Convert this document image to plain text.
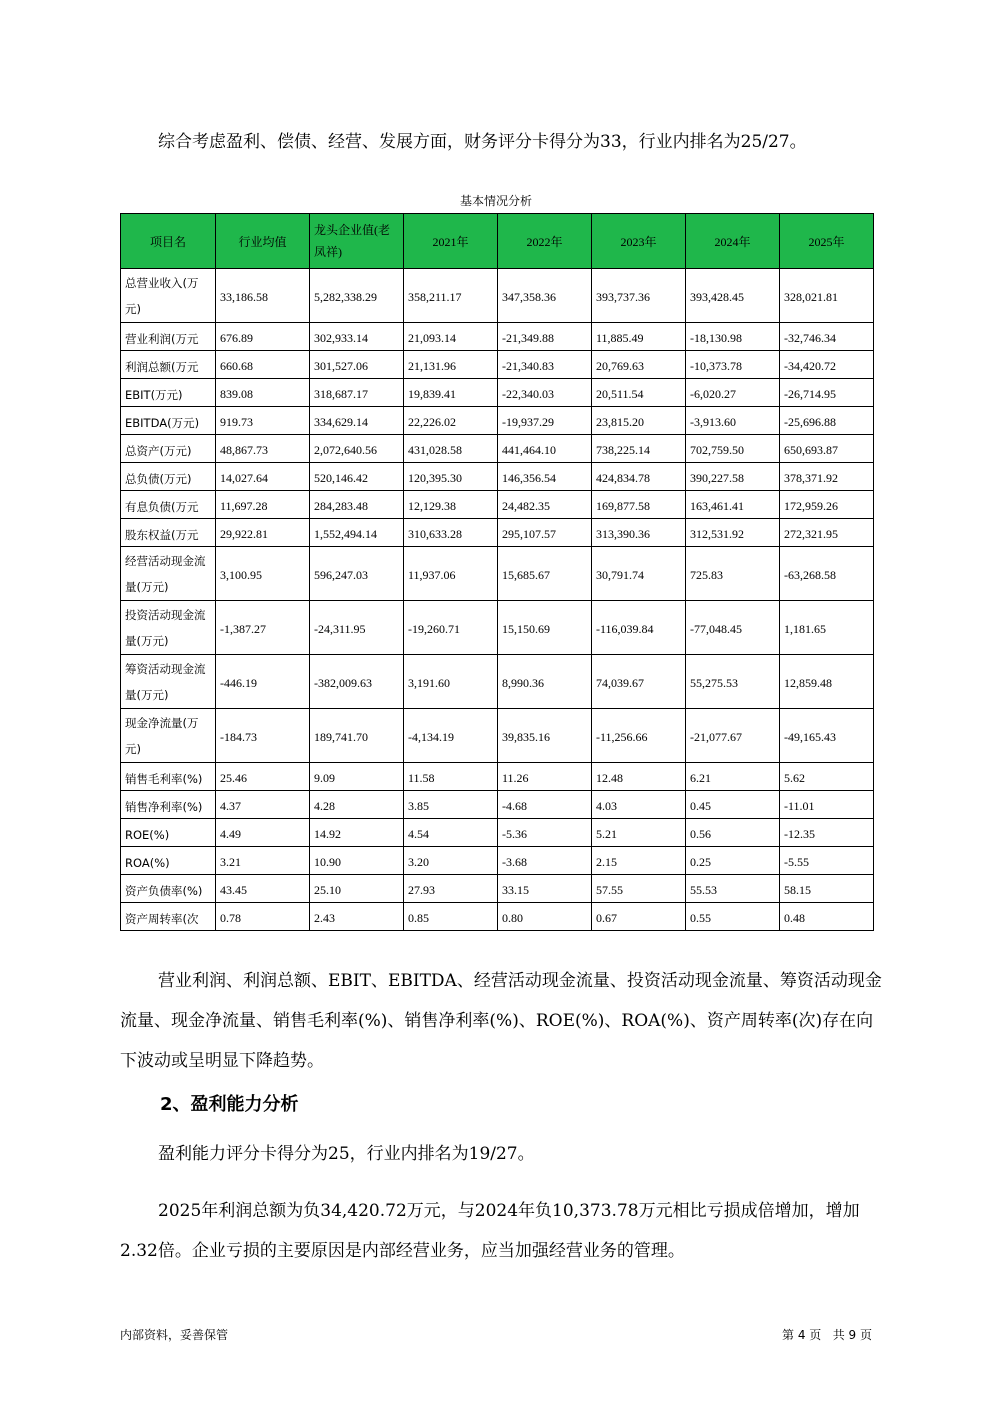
综合考虑盈利、偿债、经营、发展方面，财务评分卡得分为33，行业内排名为25/27。

基本情况分析
项目名	行业均值	龙头企业值(老凤祥)	2021年	2022年	2023年	2024年	2025年
总营业收入(万元)	33,186.58	5,282,338.29	358,211.17	347,358.36	393,737.36	393,428.45	328,021.81
营业利润(万元	676.89	302,933.14	21,093.14	-21,349.88	11,885.49	-18,130.98	-32,746.34
利润总额(万元	660.68	301,527.06	21,131.96	-21,340.83	20,769.63	-10,373.78	-34,420.72
EBIT(万元)	839.08	318,687.17	19,839.41	-22,340.03	20,511.54	-6,020.27	-26,714.95
EBITDA(万元)	919.73	334,629.14	22,226.02	-19,937.29	23,815.20	-3,913.60	-25,696.88
总资产(万元)	48,867.73	2,072,640.56	431,028.58	441,464.10	738,225.14	702,759.50	650,693.87
总负债(万元)	14,027.64	520,146.42	120,395.30	146,356.54	424,834.78	390,227.58	378,371.92
有息负债(万元	11,697.28	284,283.48	12,129.38	24,482.35	169,877.58	163,461.41	172,959.26
股东权益(万元	29,922.81	1,552,494.14	310,633.28	295,107.57	313,390.36	312,531.92	272,321.95
经营活动现金流量(万元)	3,100.95	596,247.03	11,937.06	15,685.67	30,791.74	725.83	-63,268.58
投资活动现金流量(万元)	-1,387.27	-24,311.95	-19,260.71	15,150.69	-116,039.84	-77,048.45	1,181.65
筹资活动现金流量(万元)	-446.19	-382,009.63	3,191.60	8,990.36	74,039.67	55,275.53	12,859.48
现金净流量(万元)	-184.73	189,741.70	-4,134.19	39,835.16	-11,256.66	-21,077.67	-49,165.43
销售毛利率(%)	25.46	9.09	11.58	11.26	12.48	6.21	5.62
销售净利率(%)	4.37	4.28	3.85	-4.68	4.03	0.45	-11.01
ROE(%)	4.49	14.92	4.54	-5.36	5.21	0.56	-12.35
ROA(%)	3.21	10.90	3.20	-3.68	2.15	0.25	-5.55
资产负债率(%)	43.45	25.10	27.93	33.15	57.55	55.53	58.15
资产周转率(次	0.78	2.43	0.85	0.80	0.67	0.55	0.48

营业利润、利润总额、EBIT、EBITDA、经营活动现金流量、投资活动现金流量、筹资活动现金流量、现金净流量、销售毛利率(%)、销售净利率(%)、ROE(%)、ROA(%)、资产周转率(次)存在向下波动或呈明显下降趋势。

2、盈利能力分析

盈利能力评分卡得分为25，行业内排名为19/27。

2025年利润总额为负34,420.72万元，与2024年负10,373.78万元相比亏损成倍增加，增加2.32倍。企业亏损的主要原因是内部经营业务，应当加强经营业务的管理。

内部资料，妥善保管	第 4 页   共 9 页
